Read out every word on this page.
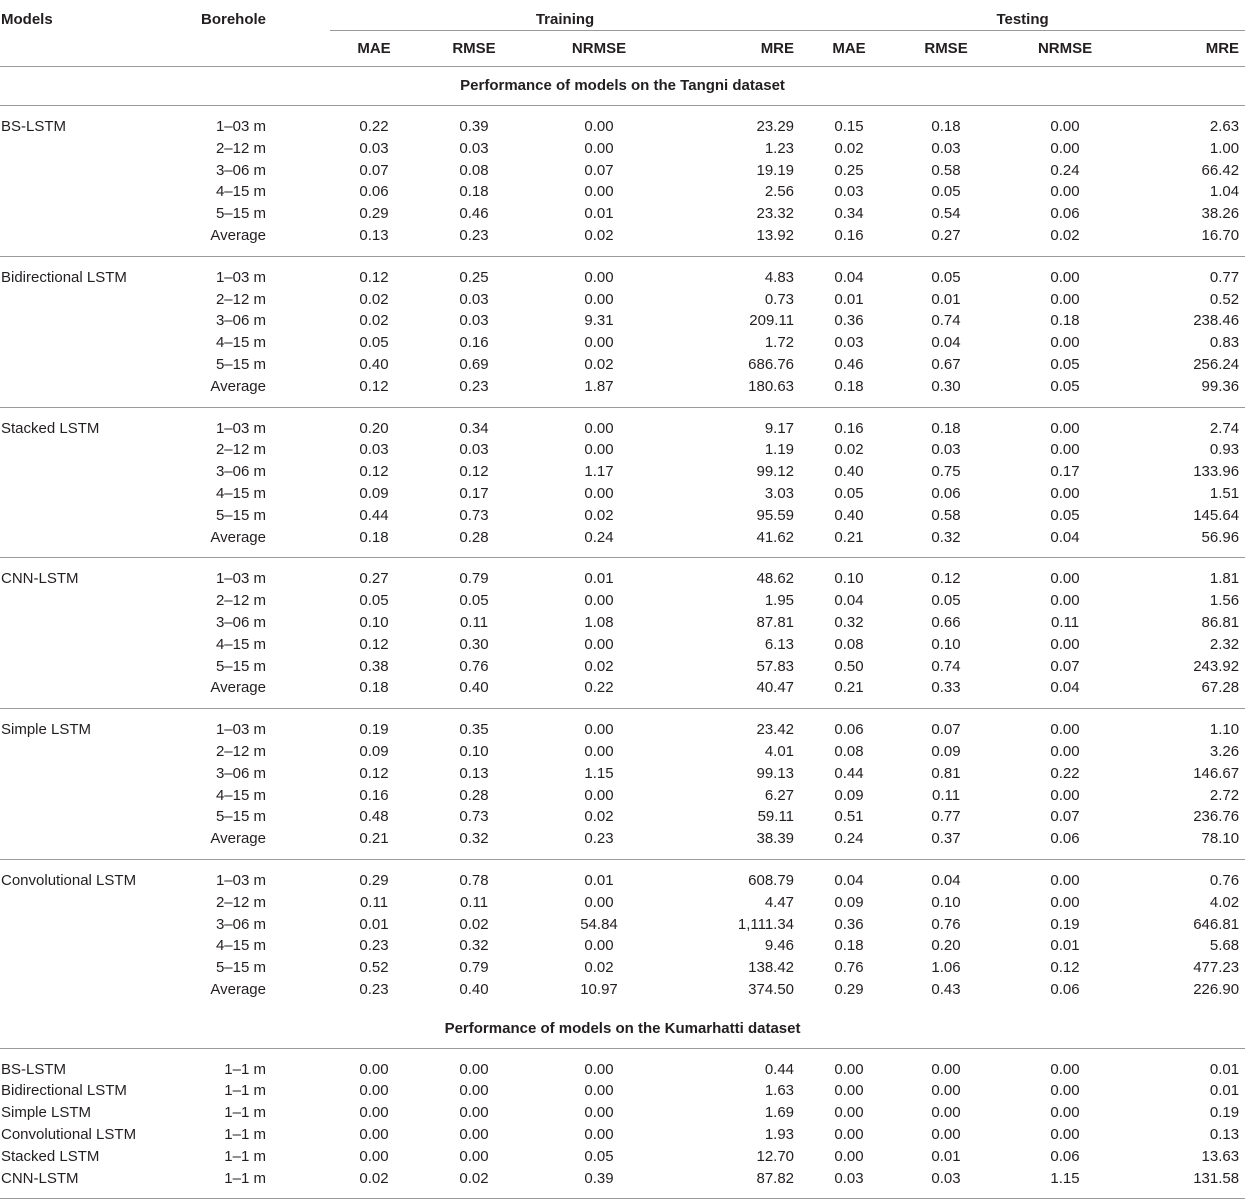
Models	Borehole	Training				Testing			
		MAE	RMSE	NRMSE	MRE	MAE	RMSE	NRMSE	MRE
Performance of models on the Tangni dataset									
BS-LSTM	1–03 m	0.22	0.39	0.00	23.29	0.15	0.18	0.00	2.63
	2–12 m	0.03	0.03	0.00	1.23	0.02	0.03	0.00	1.00
	3–06 m	0.07	0.08	0.07	19.19	0.25	0.58	0.24	66.42
	4–15 m	0.06	0.18	0.00	2.56	0.03	0.05	0.00	1.04
	5–15 m	0.29	0.46	0.01	23.32	0.34	0.54	0.06	38.26
	Average	0.13	0.23	0.02	13.92	0.16	0.27	0.02	16.70
Bidirectional LSTM	1–03 m	0.12	0.25	0.00	4.83	0.04	0.05	0.00	0.77
	2–12 m	0.02	0.03	0.00	0.73	0.01	0.01	0.00	0.52
	3–06 m	0.02	0.03	9.31	209.11	0.36	0.74	0.18	238.46
	4–15 m	0.05	0.16	0.00	1.72	0.03	0.04	0.00	0.83
	5–15 m	0.40	0.69	0.02	686.76	0.46	0.67	0.05	256.24
	Average	0.12	0.23	1.87	180.63	0.18	0.30	0.05	99.36
Stacked LSTM	1–03 m	0.20	0.34	0.00	9.17	0.16	0.18	0.00	2.74
	2–12 m	0.03	0.03	0.00	1.19	0.02	0.03	0.00	0.93
	3–06 m	0.12	0.12	1.17	99.12	0.40	0.75	0.17	133.96
	4–15 m	0.09	0.17	0.00	3.03	0.05	0.06	0.00	1.51
	5–15 m	0.44	0.73	0.02	95.59	0.40	0.58	0.05	145.64
	Average	0.18	0.28	0.24	41.62	0.21	0.32	0.04	56.96
CNN-LSTM	1–03 m	0.27	0.79	0.01	48.62	0.10	0.12	0.00	1.81
	2–12 m	0.05	0.05	0.00	1.95	0.04	0.05	0.00	1.56
	3–06 m	0.10	0.11	1.08	87.81	0.32	0.66	0.11	86.81
	4–15 m	0.12	0.30	0.00	6.13	0.08	0.10	0.00	2.32
	5–15 m	0.38	0.76	0.02	57.83	0.50	0.74	0.07	243.92
	Average	0.18	0.40	0.22	40.47	0.21	0.33	0.04	67.28
Simple LSTM	1–03 m	0.19	0.35	0.00	23.42	0.06	0.07	0.00	1.10
	2–12 m	0.09	0.10	0.00	4.01	0.08	0.09	0.00	3.26
	3–06 m	0.12	0.13	1.15	99.13	0.44	0.81	0.22	146.67
	4–15 m	0.16	0.28	0.00	6.27	0.09	0.11	0.00	2.72
	5–15 m	0.48	0.73	0.02	59.11	0.51	0.77	0.07	236.76
	Average	0.21	0.32	0.23	38.39	0.24	0.37	0.06	78.10
Convolutional LSTM	1–03 m	0.29	0.78	0.01	608.79	0.04	0.04	0.00	0.76
	2–12 m	0.11	0.11	0.00	4.47	0.09	0.10	0.00	4.02
	3–06 m	0.01	0.02	54.84	1,111.34	0.36	0.76	0.19	646.81
	4–15 m	0.23	0.32	0.00	9.46	0.18	0.20	0.01	5.68
	5–15 m	0.52	0.79	0.02	138.42	0.76	1.06	0.12	477.23
	Average	0.23	0.40	10.97	374.50	0.29	0.43	0.06	226.90
Performance of models on the Kumarhatti dataset									
BS-LSTM	1–1 m	0.00	0.00	0.00	0.44	0.00	0.00	0.00	0.01
Bidirectional LSTM	1–1 m	0.00	0.00	0.00	1.63	0.00	0.00	0.00	0.01
Simple LSTM	1–1 m	0.00	0.00	0.00	1.69	0.00	0.00	0.00	0.19
Convolutional LSTM	1–1 m	0.00	0.00	0.00	1.93	0.00	0.00	0.00	0.13
Stacked LSTM	1–1 m	0.00	0.00	0.05	12.70	0.00	0.01	0.06	13.63
CNN-LSTM	1–1 m	0.02	0.02	0.39	87.82	0.03	0.03	1.15	131.58
